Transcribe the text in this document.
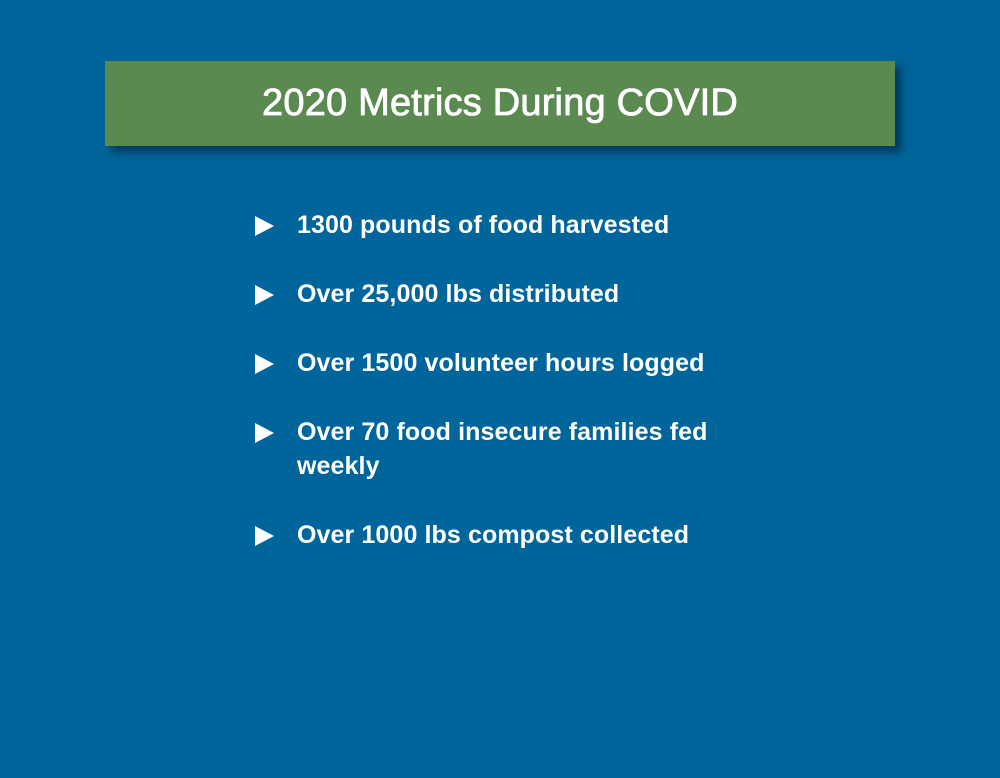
2020 Metrics During COVID
1300 pounds of food harvested
Over 25,000 lbs distributed
Over 1500 volunteer hours logged
Over 70 food insecure families fed weekly
Over 1000 lbs compost collected
